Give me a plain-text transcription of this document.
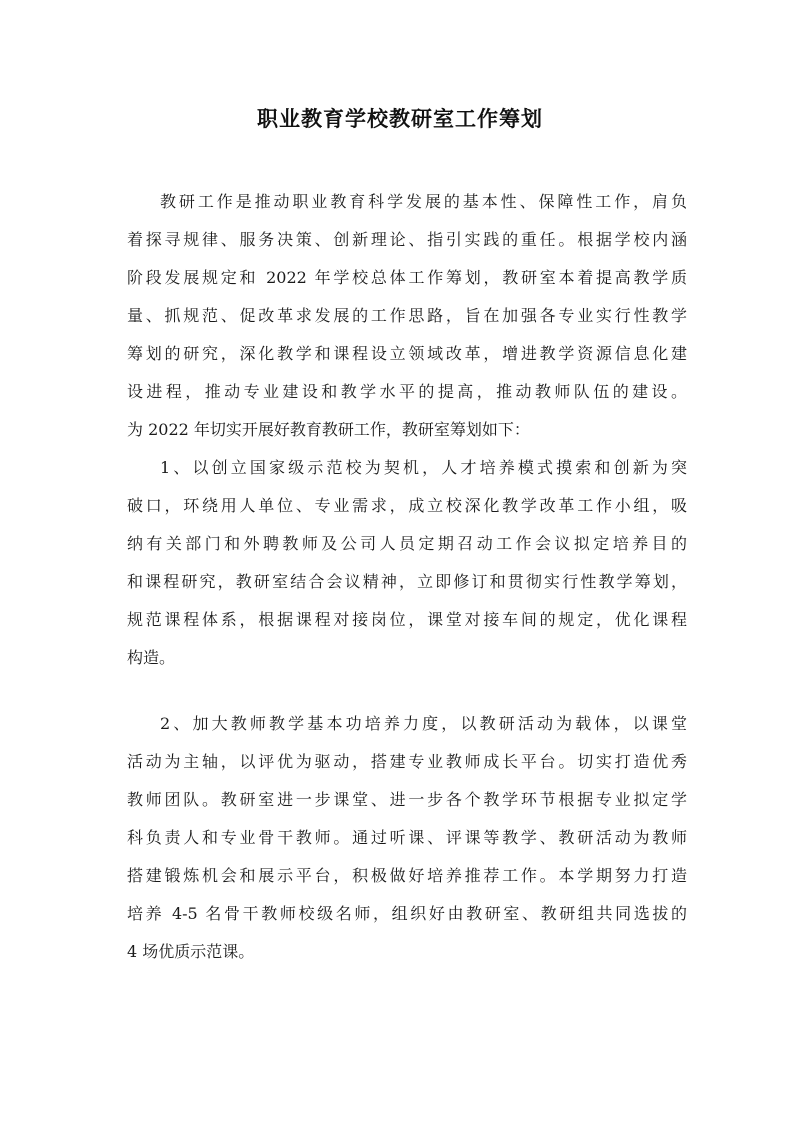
职业教育学校教研室工作筹划
教研工作是推动职业教育科学发展的基本性、保障性工作，肩负
着探寻规律、服务决策、创新理论、指引实践的重任。根据学校内涵
阶段发展规定和 2022 年学校总体工作筹划，教研室本着提高教学质
量、抓规范、促改革求发展的工作思路，旨在加强各专业实行性教学
筹划的研究，深化教学和课程设立领域改革，增进教学资源信息化建
设进程，推动专业建设和教学水平的提高，推动教师队伍的建设。
为 2022 年切实开展好教育教研工作，教研室筹划如下：
1、以创立国家级示范校为契机，人才培养模式摸索和创新为突
破口，环绕用人单位、专业需求，成立校深化教学改革工作小组，吸
纳有关部门和外聘教师及公司人员定期召动工作会议拟定培养目的
和课程研究，教研室结合会议精神，立即修订和贯彻实行性教学筹划，
规范课程体系，根据课程对接岗位，课堂对接车间的规定，优化课程
构造。
2、加大教师教学基本功培养力度，以教研活动为载体，以课堂
活动为主轴，以评优为驱动，搭建专业教师成长平台。切实打造优秀
教师团队。教研室进一步课堂、进一步各个教学环节根据专业拟定学
科负责人和专业骨干教师。通过听课、评课等教学、教研活动为教师
搭建锻炼机会和展示平台，积极做好培养推荐工作。本学期努力打造
培养 4-5 名骨干教师校级名师，组织好由教研室、教研组共同选拔的
4 场优质示范课。
